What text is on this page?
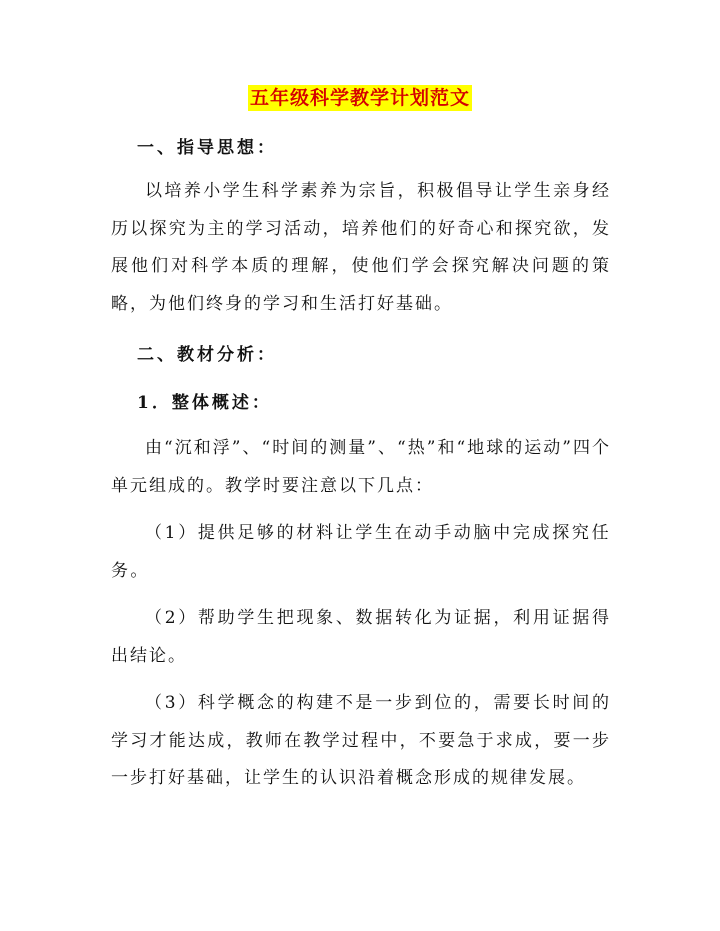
五年级科学教学计划范文
一、指导思想：

以培养小学生科学素养为宗旨，积极倡导让学生亲身经历以探究为主的学习活动，培养他们的好奇心和探究欲，发展他们对科学本质的理解，使他们学会探究解决问题的策略，为他们终身的学习和生活打好基础。

二、教材分析：
1．整体概述：

由“沉和浮”、“时间的测量”、“热”和“地球的运动”四个单元组成的。教学时要注意以下几点：

（1）提供足够的材料让学生在动手动脑中完成探究任务。

（2）帮助学生把现象、数据转化为证据，利用证据得出结论。

（3）科学概念的构建不是一步到位的，需要长时间的学习才能达成，教师在教学过程中，不要急于求成，要一步一步打好基础，让学生的认识沿着概念形成的规律发展。
